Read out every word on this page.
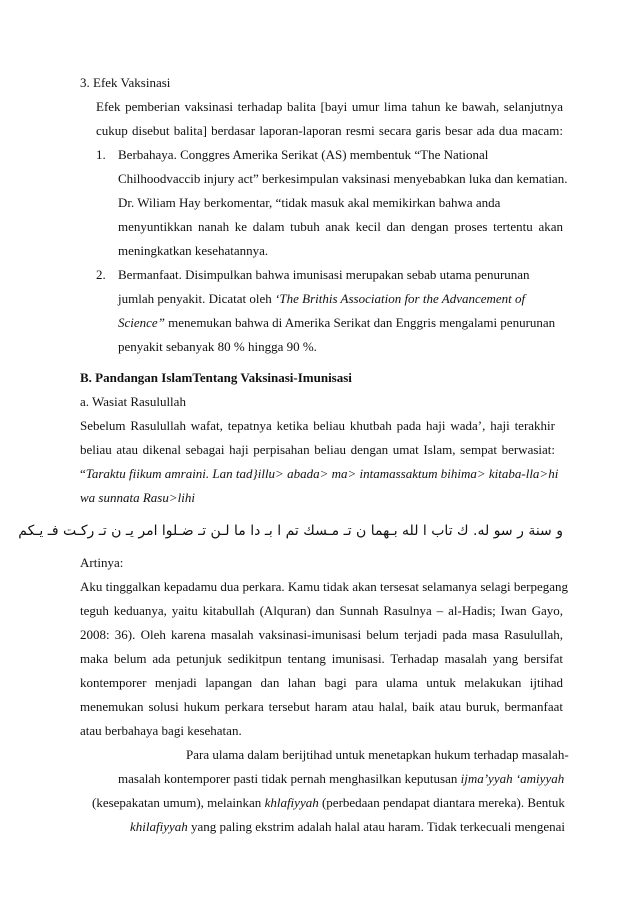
3. Efek Vaksinasi
Efek pemberian vaksinasi terhadap balita [bayi umur lima tahun ke bawah, selanjutnya
cukup disebut balita] berdasar laporan-laporan resmi secara garis besar ada dua macam:
1. Berbahaya. Conggres Amerika Serikat (AS) membentuk “The National
Chilhoodvaccib injury act” berkesimpulan vaksinasi menyebabkan luka dan kematian.
Dr. Wiliam Hay berkomentar, “tidak masuk akal memikirkan bahwa anda
menyuntikkan nanah ke dalam tubuh anak kecil dan dengan proses tertentu akan
meningkatkan kesehatannya.
2. Bermanfaat. Disimpulkan bahwa imunisasi merupakan sebab utama penurunan
jumlah penyakit. Dicatat oleh ‘The Brithis Association for the Advancement of
Science” menemukan bahwa di Amerika Serikat dan Enggris mengalami penurunan
penyakit sebanyak 80 % hingga 90 %.
B. Pandangan IslamTentang Vaksinasi-Imunisasi
a. Wasiat Rasulullah
Sebelum Rasulullah wafat, tepatnya ketika beliau khutbah pada haji wada’, haji terakhir
beliau atau dikenal sebagai haji perpisahan beliau dengan umat Islam, sempat berwasiat:
“Taraktu fiikum amraini. Lan tad}illu> abada> ma> intamassaktum bihima> kitaba-lla>hi
wa sunnata Rasu>lihi
و سنة ر سو له. ك تاب ا لله بـهما ن تـ مـسك تم ا بـ دا ما لـن تـ ضـلوا امر يـ ن تـ ركـت فـ يـكم
Artinya:
Aku tinggalkan kepadamu dua perkara. Kamu tidak akan tersesat selamanya selagi berpegang
teguh keduanya, yaitu kitabullah (Alquran) dan Sunnah Rasulnya – al-Hadis; Iwan Gayo,
2008: 36). Oleh karena masalah vaksinasi-imunisasi belum terjadi pada masa Rasulullah,
maka belum ada petunjuk sedikitpun tentang imunisasi. Terhadap masalah yang bersifat
kontemporer menjadi lapangan dan lahan bagi para ulama untuk melakukan ijtihad
menemukan solusi hukum perkara tersebut haram atau halal, baik atau buruk, bermanfaat
atau berbahaya bagi kesehatan.
Para ulama dalam berijtihad untuk menetapkan hukum terhadap masalah-
masalah kontemporer pasti tidak pernah menghasilkan keputusan ijma’yyah ‘amiyyah
(kesepakatan umum), melainkan khlafiyyah (perbedaan pendapat diantara mereka). Bentuk
khilafiyyah yang paling ekstrim adalah halal atau haram. Tidak terkecuali mengenai
